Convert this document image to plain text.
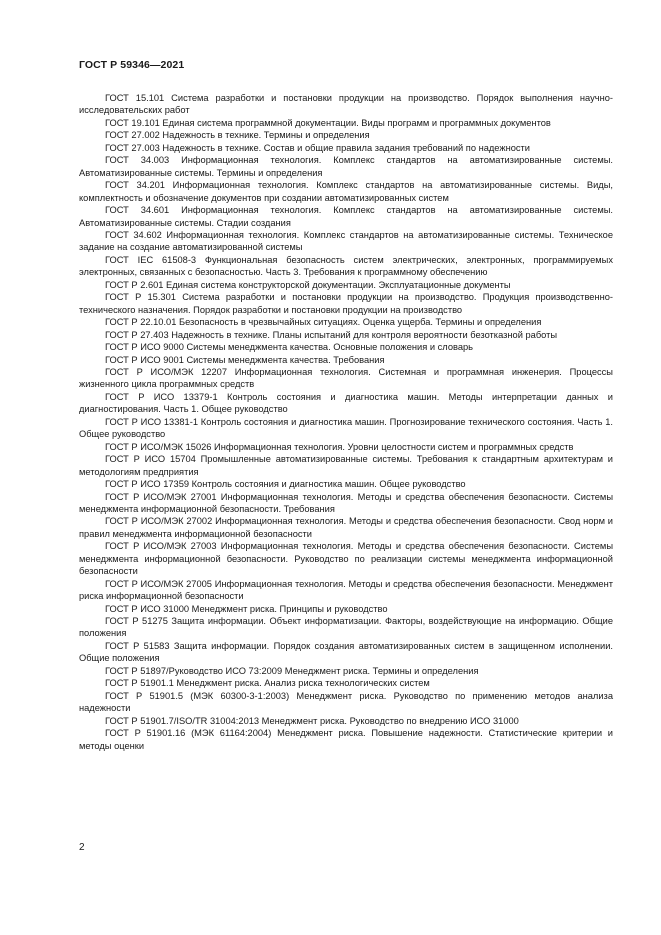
ГОСТ Р 59346—2021
ГОСТ 15.101 Система разработки и постановки продукции на производство. Порядок выполнения научно-исследовательских работ
ГОСТ 19.101 Единая система программной документации. Виды программ и программных документов
ГОСТ 27.002 Надежность в технике. Термины и определения
ГОСТ 27.003 Надежность в технике. Состав и общие правила задания требований по надежности
ГОСТ 34.003 Информационная технология. Комплекс стандартов на автоматизированные системы. Автоматизированные системы. Термины и определения
ГОСТ 34.201 Информационная технология. Комплекс стандартов на автоматизированные системы. Виды, комплектность и обозначение документов при создании автоматизированных систем
ГОСТ 34.601 Информационная технология. Комплекс стандартов на автоматизированные системы. Автоматизированные системы. Стадии создания
ГОСТ 34.602 Информационная технология. Комплекс стандартов на автоматизированные системы. Техническое задание на создание автоматизированной системы
ГОСТ IEC 61508-3 Функциональная безопасность систем электрических, электронных, программируемых электронных, связанных с безопасностью. Часть 3. Требования к программному обеспечению
ГОСТ Р 2.601 Единая система конструкторской документации. Эксплуатационные документы
ГОСТ Р 15.301 Система разработки и постановки продукции на производство. Продукция производственно-технического назначения. Порядок разработки и постановки продукции на производство
ГОСТ Р 22.10.01 Безопасность в чрезвычайных ситуациях. Оценка ущерба. Термины и определения
ГОСТ Р 27.403 Надежность в технике. Планы испытаний для контроля вероятности безотказной работы
ГОСТ Р ИСО 9000 Системы менеджмента качества. Основные положения и словарь
ГОСТ Р ИСО 9001 Системы менеджмента качества. Требования
ГОСТ Р ИСО/МЭК 12207 Информационная технология. Системная и программная инженерия. Процессы жизненного цикла программных средств
ГОСТ Р ИСО 13379-1 Контроль состояния и диагностика машин. Методы интерпретации данных и диагностирования. Часть 1. Общее руководство
ГОСТ Р ИСО 13381-1 Контроль состояния и диагностика машин. Прогнозирование технического состояния. Часть 1. Общее руководство
ГОСТ Р ИСО/МЭК 15026 Информационная технология. Уровни целостности систем и программных средств
ГОСТ Р ИСО 15704 Промышленные автоматизированные системы. Требования к стандартным архитектурам и методологиям предприятия
ГОСТ Р ИСО 17359 Контроль состояния и диагностика машин. Общее руководство
ГОСТ Р ИСО/МЭК 27001 Информационная технология. Методы и средства обеспечения безопасности. Системы менеджмента информационной безопасности. Требования
ГОСТ Р ИСО/МЭК 27002 Информационная технология. Методы и средства обеспечения безопасности. Свод норм и правил менеджмента информационной безопасности
ГОСТ Р ИСО/МЭК 27003 Информационная технология. Методы и средства обеспечения безопасности. Системы менеджмента информационной безопасности. Руководство по реализации системы менеджмента информационной безопасности
ГОСТ Р ИСО/МЭК 27005 Информационная технология. Методы и средства обеспечения безопасности. Менеджмент риска информационной безопасности
ГОСТ Р ИСО 31000 Менеджмент риска. Принципы и руководство
ГОСТ Р 51275 Защита информации. Объект информатизации. Факторы, воздействующие на информацию. Общие положения
ГОСТ Р 51583 Защита информации. Порядок создания автоматизированных систем в защищенном исполнении. Общие положения
ГОСТ Р 51897/Руководство ИСО 73:2009 Менеджмент риска. Термины и определения
ГОСТ Р 51901.1 Менеджмент риска. Анализ риска технологических систем
ГОСТ Р 51901.5 (МЭК 60300-3-1:2003) Менеджмент риска. Руководство по применению методов анализа надежности
ГОСТ Р 51901.7/ISO/TR 31004:2013 Менеджмент риска. Руководство по внедрению ИСО 31000
ГОСТ Р 51901.16 (МЭК 61164:2004) Менеджмент риска. Повышение надежности. Статистические критерии и методы оценки
2
